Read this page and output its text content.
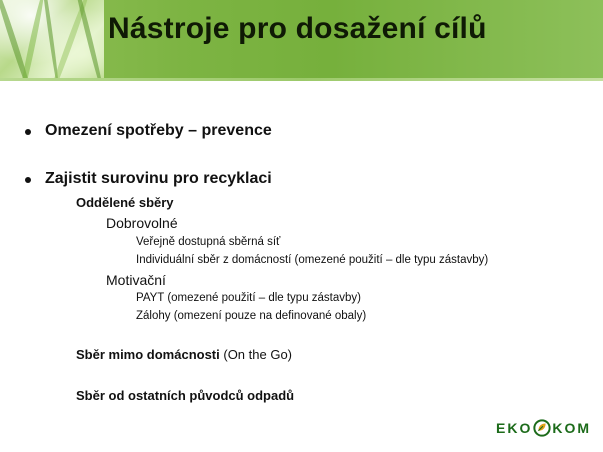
Nástroje pro dosažení cílů
Omezení spotřeby – prevence
Zajistit surovinu pro recyklaci
Oddělené sběry
Dobrovolné
Veřejně dostupná sběrná síť
Individuální sběr z domácností (omezené použití – dle typu zástavby)
Motivační
PAYT (omezené použití – dle typu zástavby)
Zálohy (omezení pouze na definované obaly)
Sběr mimo domácnosti (On the Go)
Sběr od ostatních původců odpadů
EKO KOM
